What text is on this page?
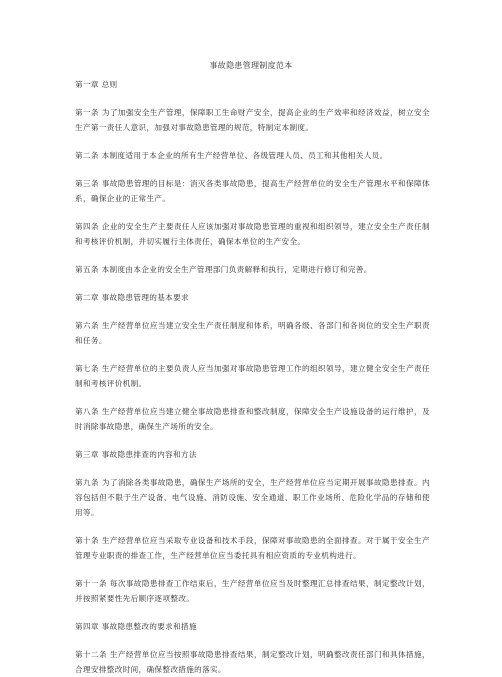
事故隐患管理制度范本

第一章 总则

第一条 为了加强安全生产管理，保障职工生命财产安全，提高企业的生产效率和经济效益，树立安全生产第一责任人意识，加强对事故隐患管理的规范，特制定本制度。

第二条 本制度适用于本企业的所有生产经营单位、各级管理人员、员工和其他相关人员。

第三条 事故隐患管理的目标是：消灭各类事故隐患，提高生产经营单位的安全生产管理水平和保障体系，确保企业的正常生产。

第四条 企业的安全生产主要责任人应该加强对事故隐患管理的重视和组织领导，建立安全生产责任制和考核评价机制，并切实履行主体责任，确保本单位的生产安全。

第五条 本制度由本企业的安全生产管理部门负责解释和执行，定期进行修订和完善。

第二章 事故隐患管理的基本要求

第六条 生产经营单位应当建立安全生产责任制度和体系，明确各级、各部门和各岗位的安全生产职责和任务。

第七条 生产经营单位的主要负责人应当加强对事故隐患管理工作的组织领导，建立健全安全生产责任制和考核评价机制。

第八条 生产经营单位应当建立健全事故隐患排查和整改制度，保障安全生产设施设备的运行维护，及时消除事故隐患，确保生产场所的安全。

第三章 事故隐患排查的内容和方法

第九条 为了消除各类事故隐患，确保生产场所的安全，生产经营单位应当定期开展事故隐患排查。内容包括但不限于生产设备、电气设施、消防设施、安全通道、职工作业场所、危险化学品的存储和使用等。

第十条 生产经营单位应当采取专业设备和技术手段，保障对事故隐患的全面排查。对于属于安全生产管理专业职责的排查工作，生产经营单位应当委托具有相应资质的专业机构进行。

第十一条 每次事故隐患排查工作结束后，生产经营单位应当及时整理汇总排查结果，制定整改计划，并按照紧要性先后顺序逐项整改。

第四章 事故隐患整改的要求和措施

第十二条 生产经营单位应当按照事故隐患排查结果，制定整改计划，明确整改责任部门和具体措施，合理安排整改时间，确保整改措施的落实。
